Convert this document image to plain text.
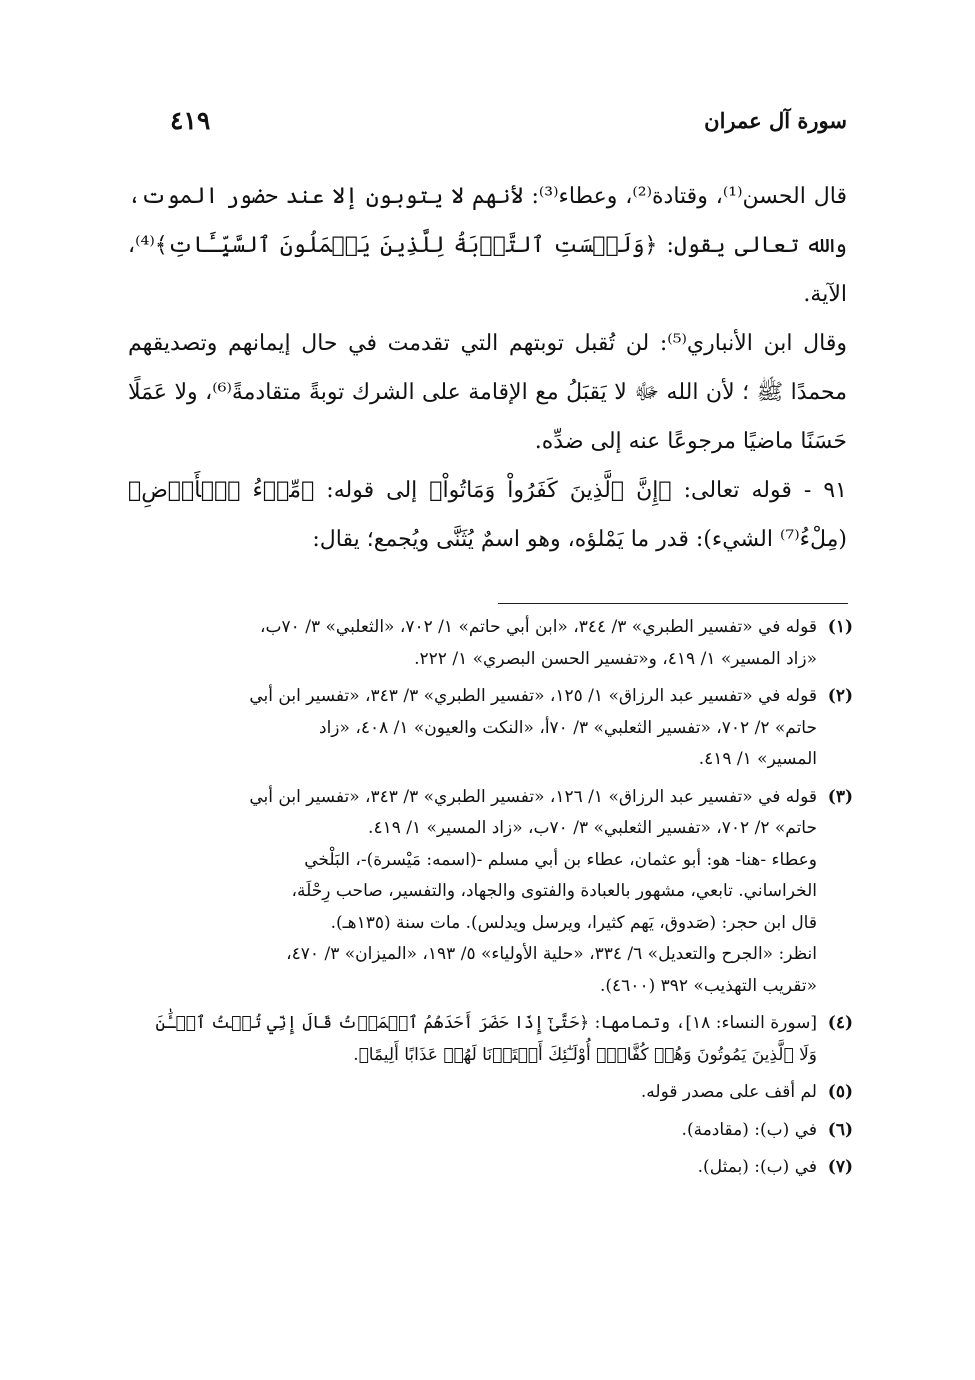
سورة آل عمران
٤١٩

قال الحسن⁽¹⁾، وقتادة⁽²⁾، وعطاء⁽³⁾: لأنهم لا يتوبون إلا عند حضور الموت، والله تعالى يقول: ﴿وَلَيۡسَتِ ٱلتَّوۡبَةُ لِلَّذِينَ يَعۡمَلُونَ ٱلسَّيِّـَٔاتِ﴾⁽⁴⁾، الآية.

وقال ابن الأنباري⁽⁵⁾: لن تُقبل توبتهم التي تقدمت في حال إيمانهم وتصديقهم محمدًا ﷺ ؛ لأن الله ﷻ لا يَقبَلُ مع الإقامة على الشرك توبةً متقادمةً⁽⁶⁾، ولا عَمَلًا حَسَنًا ماضيًا مرجوعًا عنه إلى ضدِّه.

٩١ - قوله تعالى: ﴿إِنَّ ٱلَّذِينَ كَفَرُواْ وَمَاتُواْ﴾ إلى قوله: ﴿مِّلۡءُ ٱلۡأَرۡضِ﴾ (مِلْءُ⁽⁷⁾ الشيء): قدر ما يَمْلؤه، وهو اسمٌ يُثَنَّى ويُجمع؛ يقال:

(١)
قوله في «تفسير الطبري» ٣/ ٣٤٤، «ابن أبي حاتم» ١/ ٧٠٢، «الثعلبي» ٣/ ٧٠ب،
«زاد المسير» ١/ ٤١٩، و«تفسير الحسن البصري» ١/ ٢٢٢.
(٢)
قوله في «تفسير عبد الرزاق» ١/ ١٢٥، «تفسير الطبري» ٣/ ٣٤٣، «تفسير ابن أبي
حاتم» ٢/ ٧٠٢، «تفسير الثعلبي» ٣/ ٧٠أ، «النكت والعيون» ١/ ٤٠٨، «زاد
المسير» ١/ ٤١٩.
(٣)
قوله في «تفسير عبد الرزاق» ١/ ١٢٦، «تفسير الطبري» ٣/ ٣٤٣، «تفسير ابن أبي
حاتم» ٢/ ٧٠٢، «تفسير الثعلبي» ٣/ ٧٠ب، «زاد المسير» ١/ ٤١٩.
وعطاء -هنا- هو: أبو عثمان، عطاء بن أبي مسلم -(اسمه: مَيْسرة)-، البَلْخي
الخراساني. تابعي، مشهور بالعبادة والفتوى والجهاد، والتفسير، صاحب رِحْلَة،
قال ابن حجر: (صَدوق، يَهم كثيرا، ويرسل ويدلس). مات سنة (١٣٥هـ).
انظر: «الجرح والتعديل» ٦/ ٣٣٤، «حلية الأولياء» ٥/ ١٩٣، «الميزان» ٣/ ٤٧٠،
«تقريب التهذيب» ٣٩٢ (٤٦٠٠).
(٤)
[سورة النساء: ١٨]، وتمامها: ﴿حَتَّىٰٓ إِذَا حَضَرَ أَحَدَهُمُ ٱلۡمَوۡتُ قَالَ إِنِّي تُبۡتُ ٱلۡـَٰٔنَ
وَلَا ٱلَّذِينَ يَمُوتُونَ وَهُمۡ كُفَّارٌۚ أُوْلَـٰٓئِكَ أَعۡتَدۡنَا لَهُمۡ عَذَابًا أَلِيمًا﴾.
(٥)
لم أقف على مصدر قوله.
(٦)
في (ب): (مقادمة).
(٧)
في (ب): (بمثل).
